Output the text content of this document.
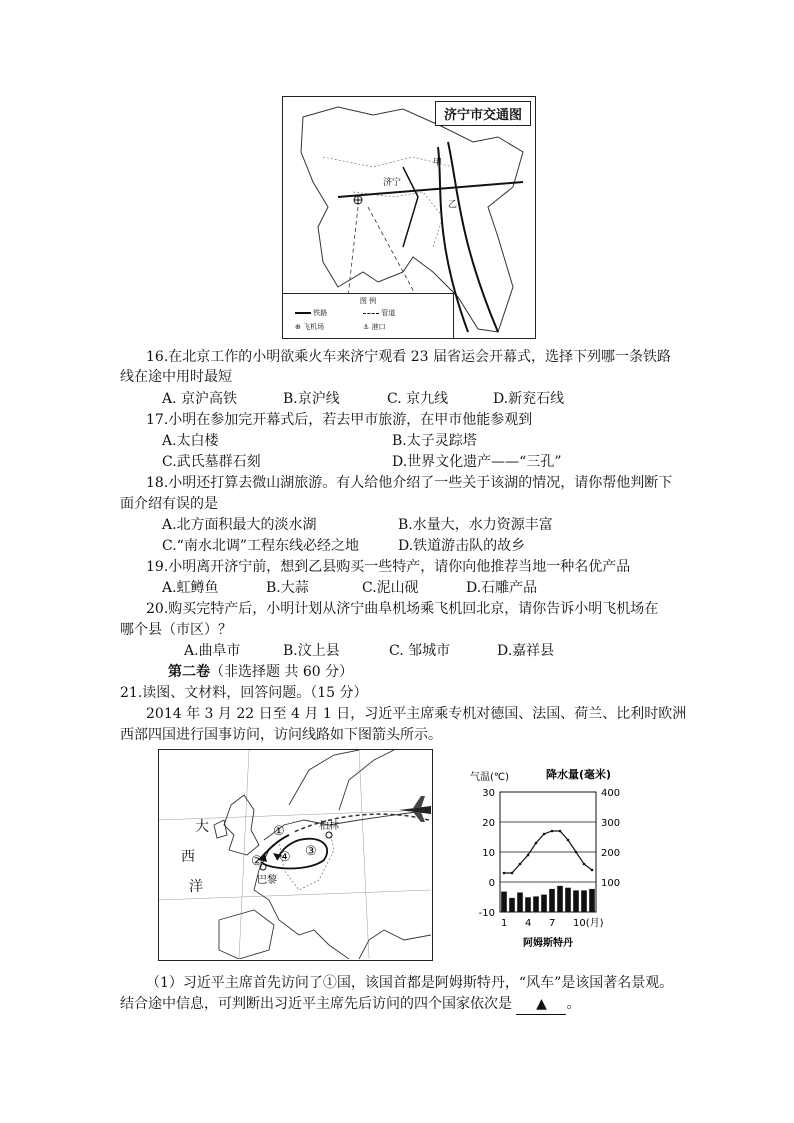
济宁
甲
乙
济宁市交通图
图 例
铁路	管道
⊕ 飞机场	⚓ 港口
16.在北京工作的小明欲乘火车来济宁观看 23 届省运会开幕式，选择下列哪一条铁路
线在途中用时最短
A. 京沪高铁	B.京沪线	C. 京九线	D.新兖石线
17.小明在参加完开幕式后，若去甲市旅游，在甲市他能参观到
A.太白楼	B.太子灵踪塔
C.武氏墓群石刻	D.世界文化遗产——“三孔”
18.小明还打算去微山湖旅游。有人给他介绍了一些关于该湖的情况，请你帮他判断下
面介绍有误的是
A.北方面积最大的淡水湖	B.水量大，水力资源丰富
C.“南水北调”工程东线必经之地	D.铁道游击队的故乡
19.小明离开济宁前，想到乙县购买一些特产，请你向他推荐当地一种名优产品
A.虹鳟鱼	B.大蒜	C.泥山砚	D.石雕产品
20.购买完特产后，小明计划从济宁曲阜机场乘飞机回北京，请你告诉小明飞机场在
哪个县（市区）？
A.曲阜市	B.汶上县	C. 邹城市	D.嘉祥县
第二卷（非选择题 共 60 分）
21.读图、文材料，回答问题。（15 分）
2014 年 3 月 22 日至 4 月 1 日，习近平主席乘专机对德国、法国、荷兰、比利时欧洲
西部四国进行国事访问，访问线路如下图箭头所示。
大
西
洋
柏林
巴黎
①
②
③
④
30
20
10
0
-10
400
300
200
100
气温(℃)	降水量(毫米)
1 4 7 10(月)
阿姆斯特丹
（1）习近平主席首先访问了①国，该国首都是阿姆斯特丹，“风车”是该国著名景观。
结合途中信息，可判断出习近平主席先后访问的四个国家依次是 ▲ 。
